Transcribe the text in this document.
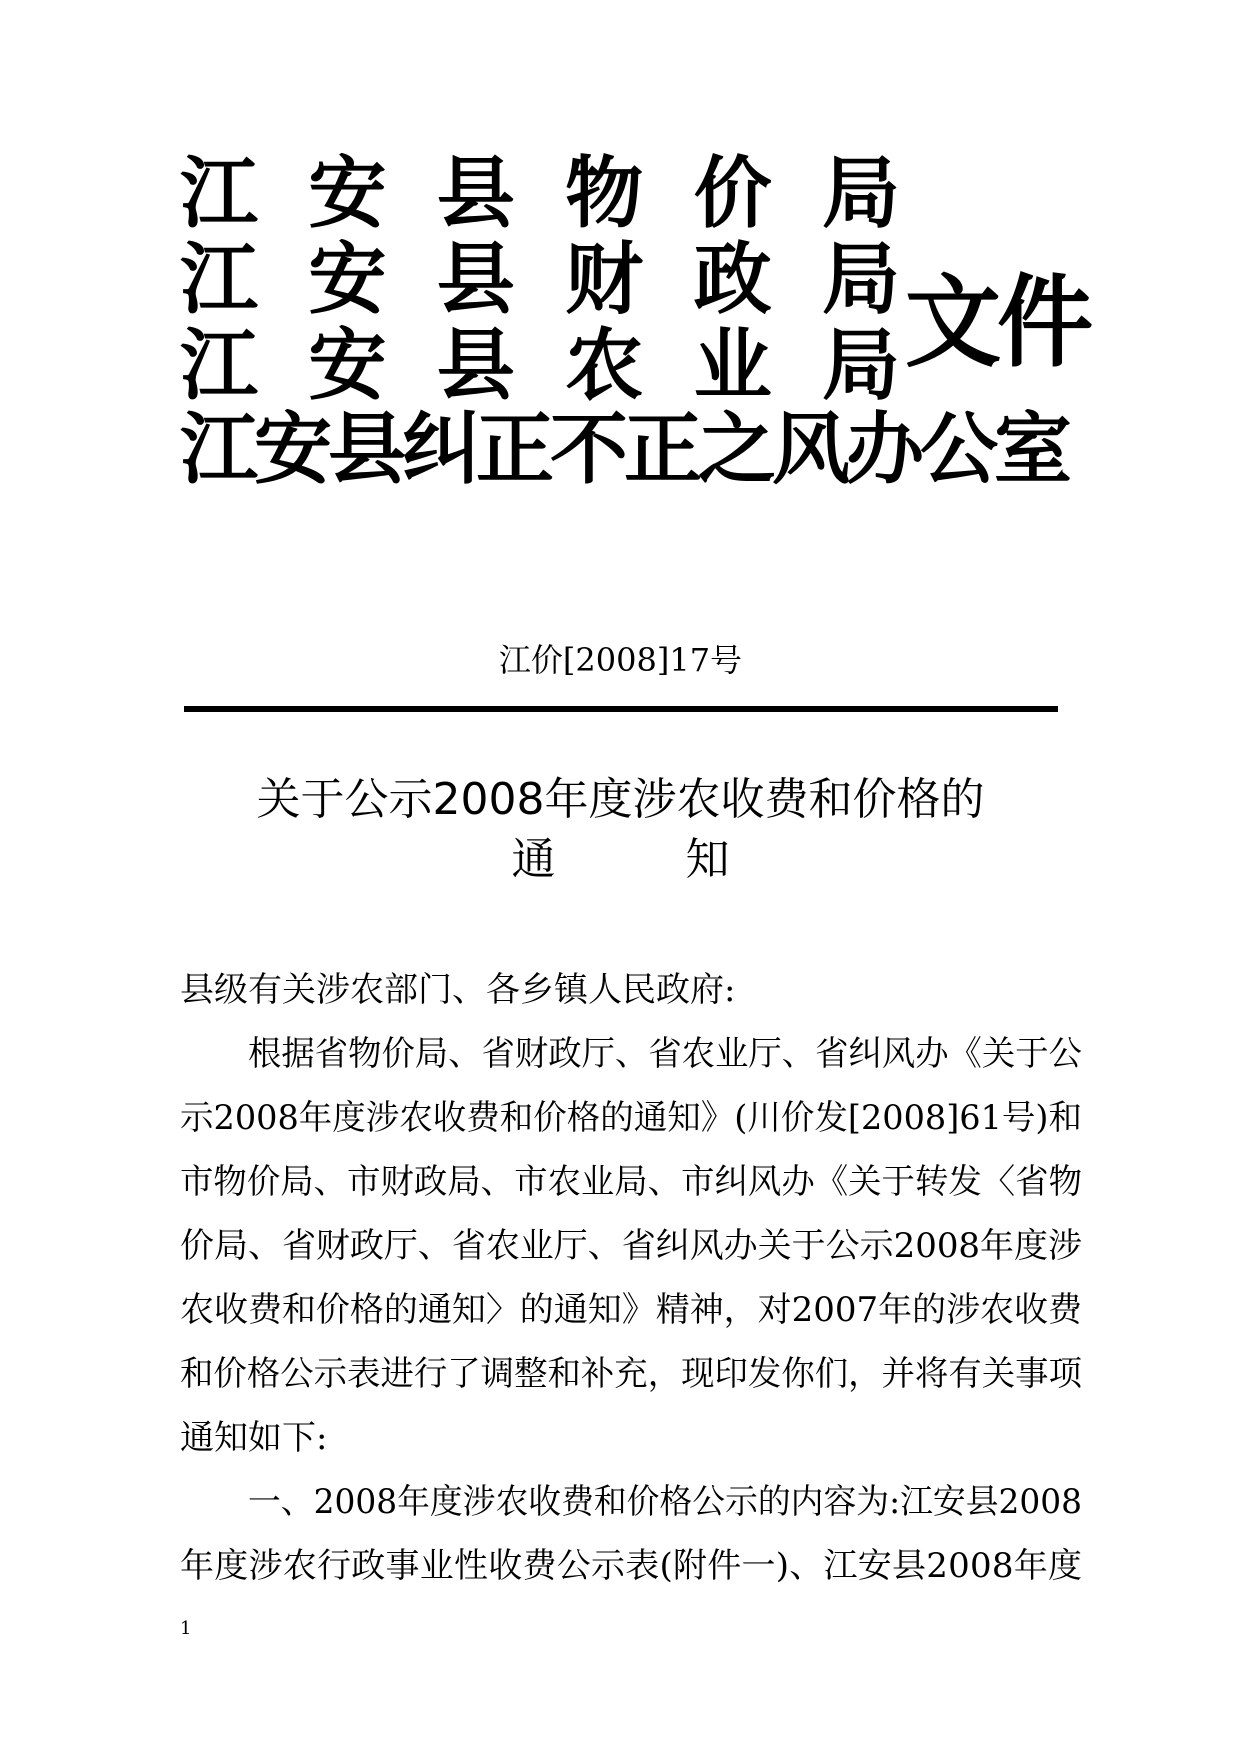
江 安 县 物 价 局
江 安 县 财 政 局
江 安 县 农 业 局
江安县纠正不正之风办公室
文件
江价[2008]17号
关于公示2008年度涉农收费和价格的
通知
县级有关涉农部门、各乡镇人民政府:
根据省物价局、省财政厅、省农业厅、省纠风办《关于公
示2008年度涉农收费和价格的通知》(川价发[2008]61号)和
市物价局、市财政局、市农业局、市纠风办《关于转发〈省物
价局、省财政厅、省农业厅、省纠风办关于公示2008年度涉
农收费和价格的通知〉的通知》精神，对2007年的涉农收费
和价格公示表进行了调整和补充，现印发你们，并将有关事项
通知如下:
一、2008年度涉农收费和价格公示的内容为:江安县2008
年度涉农行政事业性收费公示表(附件一)、江安县2008年度
1
